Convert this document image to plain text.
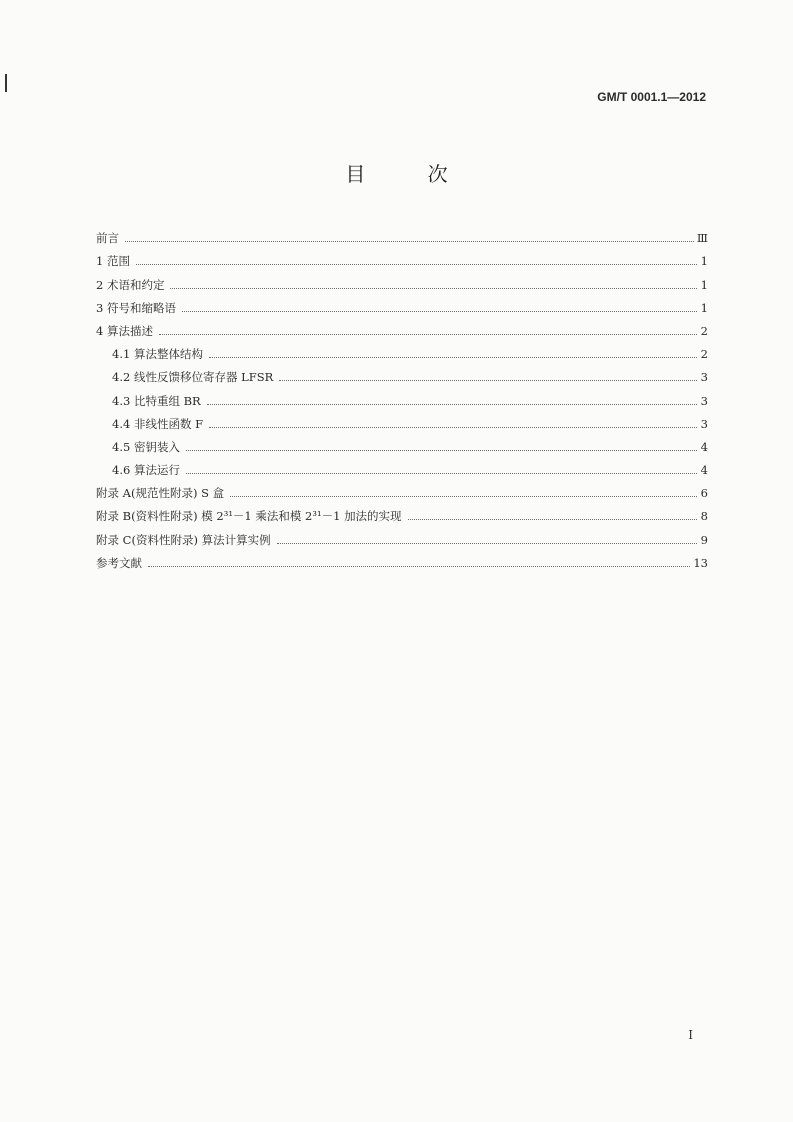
GM/T 0001.1—2012
目 次
前言	Ⅲ
1 范围	1
2 术语和约定	1
3 符号和缩略语	1
4 算法描述	2
4.1 算法整体结构	2
4.2 线性反馈移位寄存器 LFSR	3
4.3 比特重组 BR	3
4.4 非线性函数 F	3
4.5 密钥装入	4
4.6 算法运行	4
附录 A(规范性附录) S 盒	6
附录 B(资料性附录) 模 2³¹－1 乘法和模 2³¹－1 加法的实现	8
附录 C(资料性附录) 算法计算实例	9
参考文献	13
I
